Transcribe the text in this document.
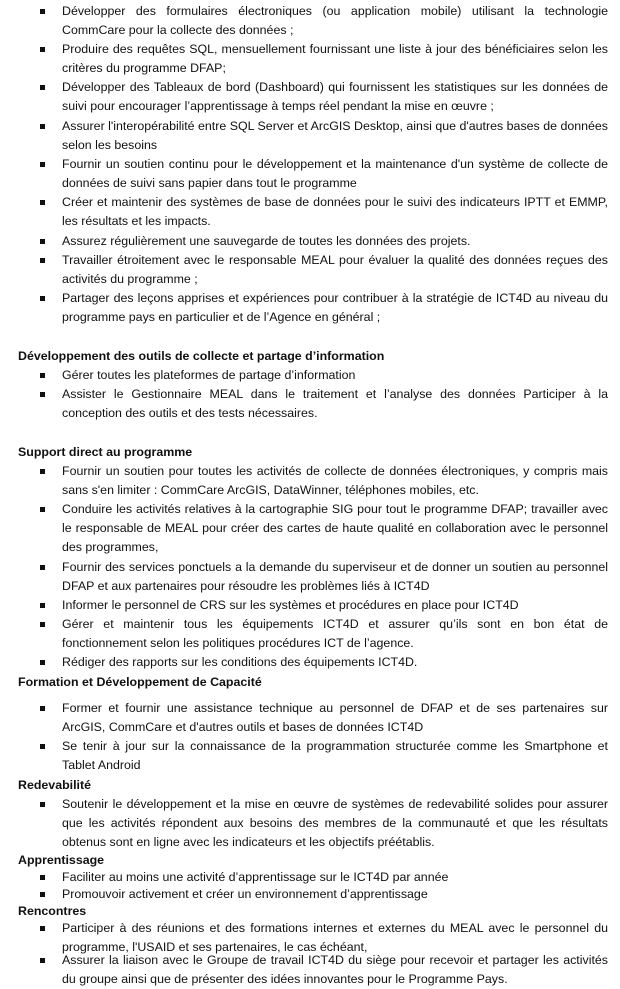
Développer des formulaires électroniques (ou application mobile) utilisant la technologie CommCare pour la collecte des données ;
Produire des requêtes SQL, mensuellement fournissant une liste à jour des bénéficiaires selon les critères du programme DFAP;
Développer des Tableaux de bord (Dashboard) qui fournissent les statistiques sur les données de suivi pour encourager l’apprentissage à temps réel pendant la mise en œuvre ;
Assurer l'interopérabilité entre SQL Server et ArcGIS Desktop, ainsi que d'autres bases de données selon les besoins
Fournir un soutien continu pour le développement et la maintenance d'un système de collecte de données de suivi sans papier dans tout le programme
Créer et maintenir des systèmes de base de données pour le suivi des indicateurs IPTT et EMMP, les résultats et les impacts.
Assurez régulièrement une sauvegarde de toutes les données des projets.
Travailler étroitement avec le responsable MEAL pour évaluer la qualité des données reçues des activités du programme ;
Partager des leçons apprises et expériences pour contribuer à la stratégie de ICT4D au niveau du programme pays en particulier et de l’Agence en général ;
Développement des outils de collecte et partage d’information
Gérer toutes les plateformes de partage d’information
Assister le Gestionnaire MEAL dans le traitement et l’analyse des données Participer à la conception des outils et des tests nécessaires.
Support direct au programme
Fournir un soutien pour toutes les activités de collecte de données électroniques, y compris mais sans s'en limiter : CommCare ArcGIS, DataWinner, téléphones mobiles, etc.
Conduire les activités relatives à la cartographie SIG pour tout le programme DFAP; travailler avec le responsable de MEAL pour créer des cartes de haute qualité en collaboration avec le personnel des programmes,
Fournir des services ponctuels a la demande du superviseur et de donner un soutien au personnel DFAP et aux partenaires pour résoudre les problèmes liés à ICT4D
Informer le personnel de CRS sur les systèmes et procédures en place pour ICT4D
Gérer et maintenir tous les équipements ICT4D et assurer qu’ils sont en bon état de fonctionnement selon les politiques procédures ICT de l’agence.
Rédiger des rapports sur les conditions des équipements ICT4D.
Formation et Développement de Capacité
Former et fournir une assistance technique au personnel de DFAP et de ses partenaires sur ArcGIS, CommCare et d'autres outils et bases de données ICT4D
Se tenir à jour sur la connaissance de la programmation structurée comme les Smartphone et Tablet Android
Redevabilité
Soutenir le développement et la mise en œuvre de systèmes de redevabilité solides pour assurer que les activités répondent aux besoins des membres de la communauté et que les résultats obtenus sont en ligne avec les indicateurs et les objectifs préétablis.
Apprentissage
Faciliter au moins une activité d’apprentissage sur le ICT4D par année
Promouvoir activement et créer un environnement d’apprentissage
Rencontres
Participer à des réunions et des formations internes et externes du MEAL avec le personnel du programme, l'USAID et ses partenaires, le cas échéant,
Assurer la liaison avec le Groupe de travail ICT4D du siège pour recevoir et partager les activités du groupe ainsi que de présenter des idées innovantes pour le Programme Pays.
